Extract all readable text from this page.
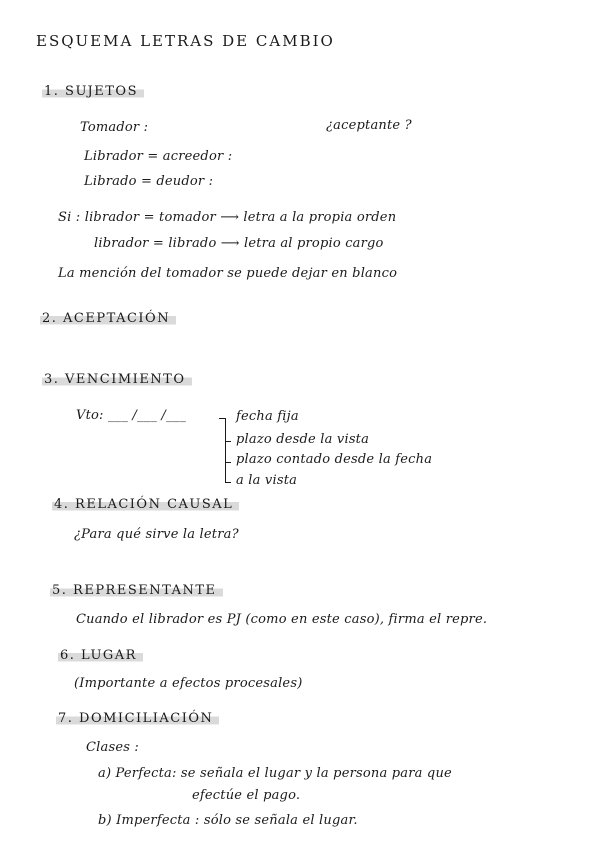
ESQUEMA LETRAS DE CAMBIO
1. SUJETOS
Tomador :	¿aceptante ?
Librador = acreedor :
Librado = deudor :
Si : librador = tomador ⟶ letra a la propia orden
librador = librado ⟶ letra al propio cargo
La mención del tomador se puede dejar en blanco
2. ACEPTACIÓN
3. VENCIMIENTO
Vto: ___ /___ /___	fecha fija
plazo desde la vista
plazo contado desde la fecha
a la vista
4. RELACIÓN CAUSAL
¿Para qué sirve la letra?
5. REPRESENTANTE
Cuando el librador es PJ (como en este caso), firma el repre.
6. LUGAR
(Importante a efectos procesales)
7. DOMICILIACIÓN
Clases :
a) Perfecta: se señala el lugar y la persona para que
efectúe el pago.
b) Imperfecta : sólo se señala el lugar.
